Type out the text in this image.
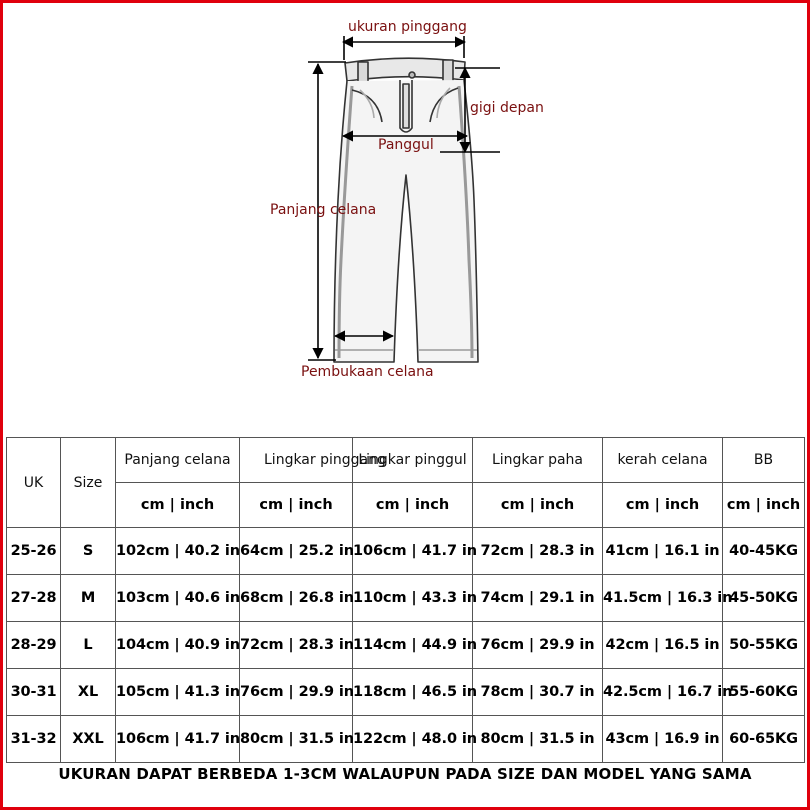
ukuran pinggang
gigi depan
Panggul
Panjang celana
Pembukaan celana
UK	Size	Panjang celana	Lingkar pinggang	Lingkar pinggul	Lingkar paha	kerah celana	BB
		cm | inch	cm | inch	cm | inch	cm | inch	cm | inch	cm | inch
25-26	S	102cm | 40.2 in	64cm | 25.2 in	106cm | 41.7 in	72cm | 28.3 in	41cm | 16.1 in	40-45KG
27-28	M	103cm | 40.6 in	68cm | 26.8 in	110cm | 43.3 in	74cm | 29.1 in	41.5cm | 16.3 in	45-50KG
28-29	L	104cm | 40.9 in	72cm | 28.3 in	114cm | 44.9 in	76cm | 29.9 in	42cm | 16.5 in	50-55KG
30-31	XL	105cm | 41.3 in	76cm | 29.9 in	118cm | 46.5 in	78cm | 30.7 in	42.5cm | 16.7 in	55-60KG
31-32	XXL	106cm | 41.7 in	80cm | 31.5 in	122cm | 48.0 in	80cm | 31.5 in	43cm | 16.9 in	60-65KG
UKURAN DAPAT BERBEDA 1-3CM WALAUPUN PADA SIZE DAN MODEL YANG SAMA
